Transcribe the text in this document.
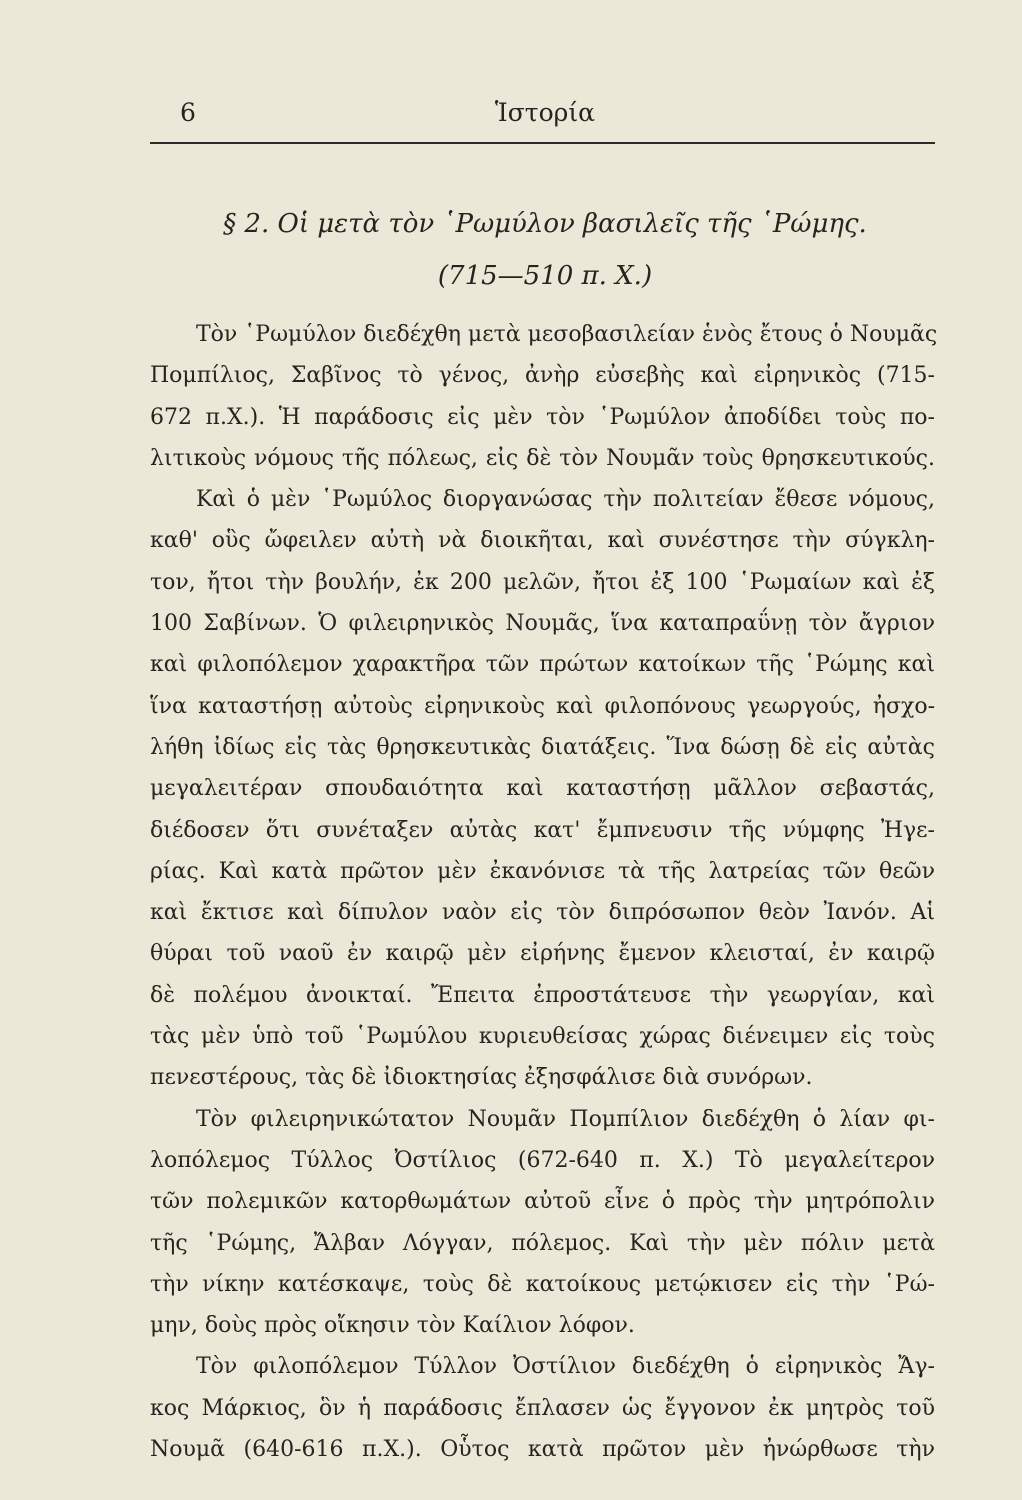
6	Ἱστορία
§ 2. Οἱ μετὰ τὸν ῾Ρωμύλον βασιλεῖς τῆς ῾Ρώμης.
(715—510 π. Χ.)
Τὸν ῾Ρωμύλον διεδέχθη μετὰ μεσοβασιλείαν ἑνὸς ἔτους ὁ Νουμᾶς
Πομπίλιος, Σαβῖνος τὸ γένος, ἀνὴρ εὐσεβὴς καὶ εἰρηνικὸς (715-
672 π.Χ.). Ἡ παράδοσις εἰς μὲν τὸν ῾Ρωμύλον ἀποδίδει τοὺς πο-
λιτικοὺς νόμους τῆς πόλεως, εἰς δὲ τὸν Νουμᾶν τοὺς θρησκευτικούς.
Καὶ ὁ μὲν ῾Ρωμύλος διοργανώσας τὴν πολιτείαν ἔθεσε νόμους,
καθ' οὓς ὤφειλεν αὐτὴ νὰ διοικῆται, καὶ συνέστησε τὴν σύγκλη-
τον, ἤτοι τὴν βουλήν, ἐκ 200 μελῶν, ἤτοι ἐξ 100 ῾Ρωμαίων καὶ ἐξ
100 Σαβίνων. Ὁ φιλειρηνικὸς Νουμᾶς, ἵνα καταπραΰνῃ τὸν ἄγριον
καὶ φιλοπόλεμον χαρακτῆρα τῶν πρώτων κατοίκων τῆς ῾Ρώμης καὶ
ἵνα καταστήσῃ αὐτοὺς εἰρηνικοὺς καὶ φιλοπόνους γεωργούς, ἠσχο-
λήθη ἰδίως εἰς τὰς θρησκευτικὰς διατάξεις. Ἵνα δώσῃ δὲ εἰς αὐτὰς
μεγαλειτέραν σπουδαιότητα καὶ καταστήσῃ μᾶλλον σεβαστάς,
διέδοσεν ὅτι συνέταξεν αὐτὰς κατ' ἔμπνευσιν τῆς νύμφης Ἠγε-
ρίας. Καὶ κατὰ πρῶτον μὲν ἐκανόνισε τὰ τῆς λατρείας τῶν θεῶν
καὶ ἔκτισε καὶ δίπυλον ναὸν εἰς τὸν διπρόσωπον θεὸν Ἰανόν. Αἱ
θύραι τοῦ ναοῦ ἐν καιρῷ μὲν εἰρήνης ἔμενον κλεισταί, ἐν καιρῷ
δὲ πολέμου ἀνοικταί. Ἔπειτα ἐπροστάτευσε τὴν γεωργίαν, καὶ
τὰς μὲν ὑπὸ τοῦ ῾Ρωμύλου κυριευθείσας χώρας διένειμεν εἰς τοὺς
πενεστέρους, τὰς δὲ ἰδιοκτησίας ἐξησφάλισε διὰ συνόρων.
Τὸν φιλειρηνικώτατον Νουμᾶν Πομπίλιον διεδέχθη ὁ λίαν φι-
λοπόλεμος Τύλλος Ὀστίλιος (672-640 π. Χ.) Τὸ μεγαλείτερον
τῶν πολεμικῶν κατορθωμάτων αὐτοῦ εἶνε ὁ πρὸς τὴν μητρόπολιν
τῆς ῾Ρώμης, Ἄλβαν Λόγγαν, πόλεμος. Καὶ τὴν μὲν πόλιν μετὰ
τὴν νίκην κατέσκαψε, τοὺς δὲ κατοίκους μετῴκισεν εἰς τὴν ῾Ρώ-
μην, δοὺς πρὸς οἴκησιν τὸν Καίλιον λόφον.
Τὸν φιλοπόλεμον Τύλλον Ὀστίλιον διεδέχθη ὁ εἰρηνικὸς Ἄγ-
κος Μάρκιος, ὃν ἡ παράδοσις ἔπλασεν ὡς ἔγγονον ἐκ μητρὸς τοῦ
Νουμᾶ (640-616 π.Χ.). Οὗτος κατὰ πρῶτον μὲν ἠνώρθωσε τὴν
